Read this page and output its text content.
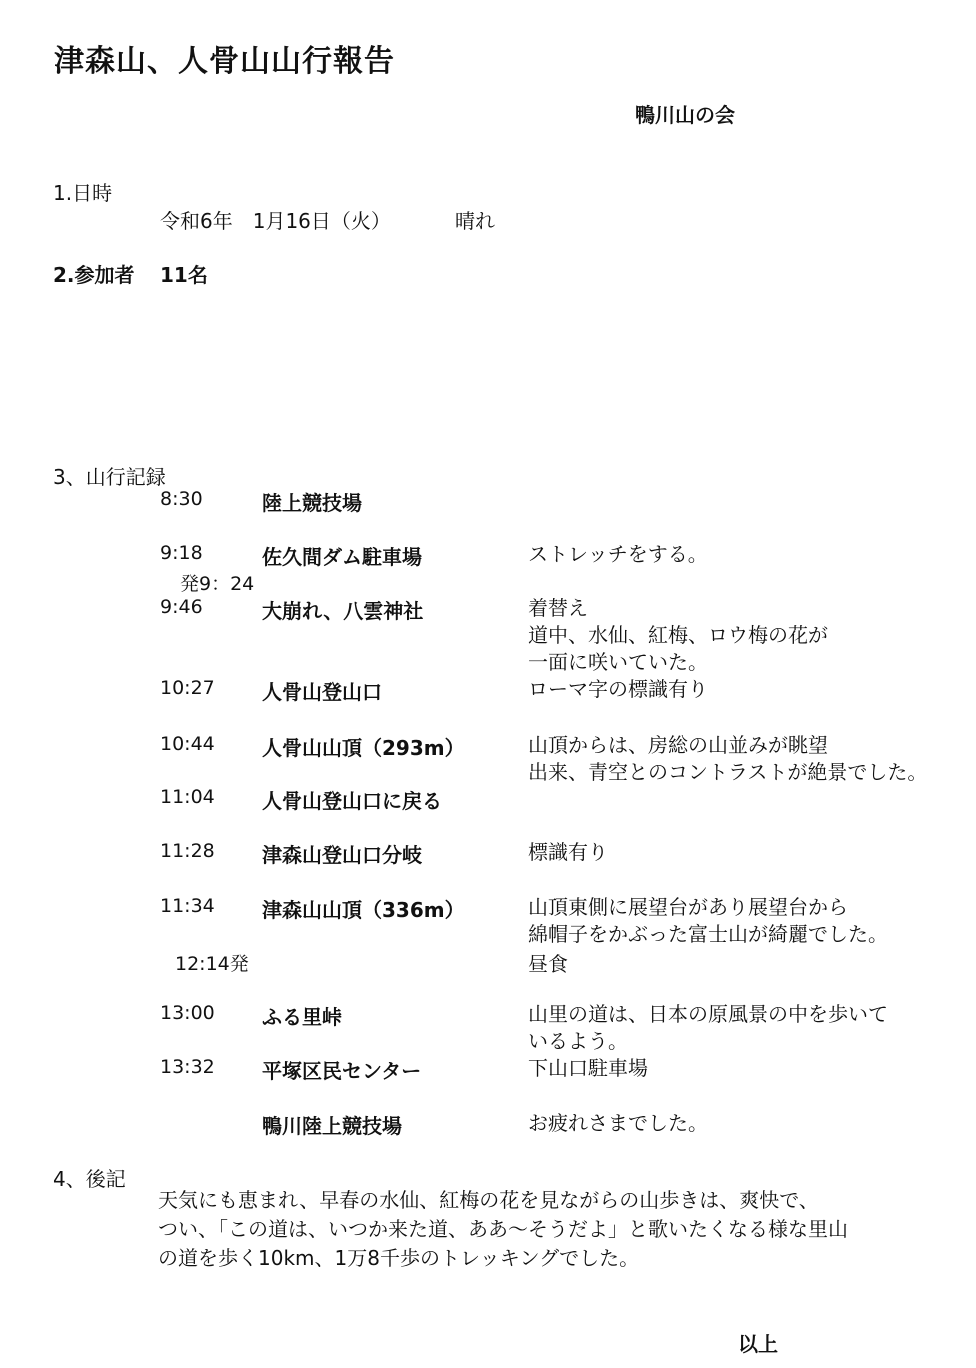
津森山、人骨山山行報告
鴨川山の会
1.日時
令和6年　1月16日（火）	晴れ
2.参加者 11名
3、山行記録
8:30	陸上競技場
9:18	佐久間ダム駐車場	ストレッチをする。
発9：24
9:46	大崩れ、八雲神社	着替え
道中、水仙、紅梅、ロウ梅の花が
一面に咲いていた。
10:27 人骨山登山口	ローマ字の標識有り
10:44 人骨山山頂（293m）	山頂からは、房総の山並みが眺望
出来、青空とのコントラストが絶景でした。
11:04 人骨山登山口に戻る
11:28 津森山登山口分岐	標識有り
11:34 津森山山頂（336m）	山頂東側に展望台があり展望台から
綿帽子をかぶった富士山が綺麗でした。
12:14発	昼食
13:00 ふる里峠	山里の道は、日本の原風景の中を歩いて
いるよう。
13:32 平塚区民センター	下山口駐車場
鴨川陸上競技場	お疲れさまでした。
4、後記
天気にも恵まれ、早春の水仙、紅梅の花を見ながらの山歩きは、爽快で、
つい、「この道は、いつか来た道、ああ～そうだよ」と歌いたくなる様な里山
の道を歩く10km、1万8千歩のトレッキングでした。
以上
